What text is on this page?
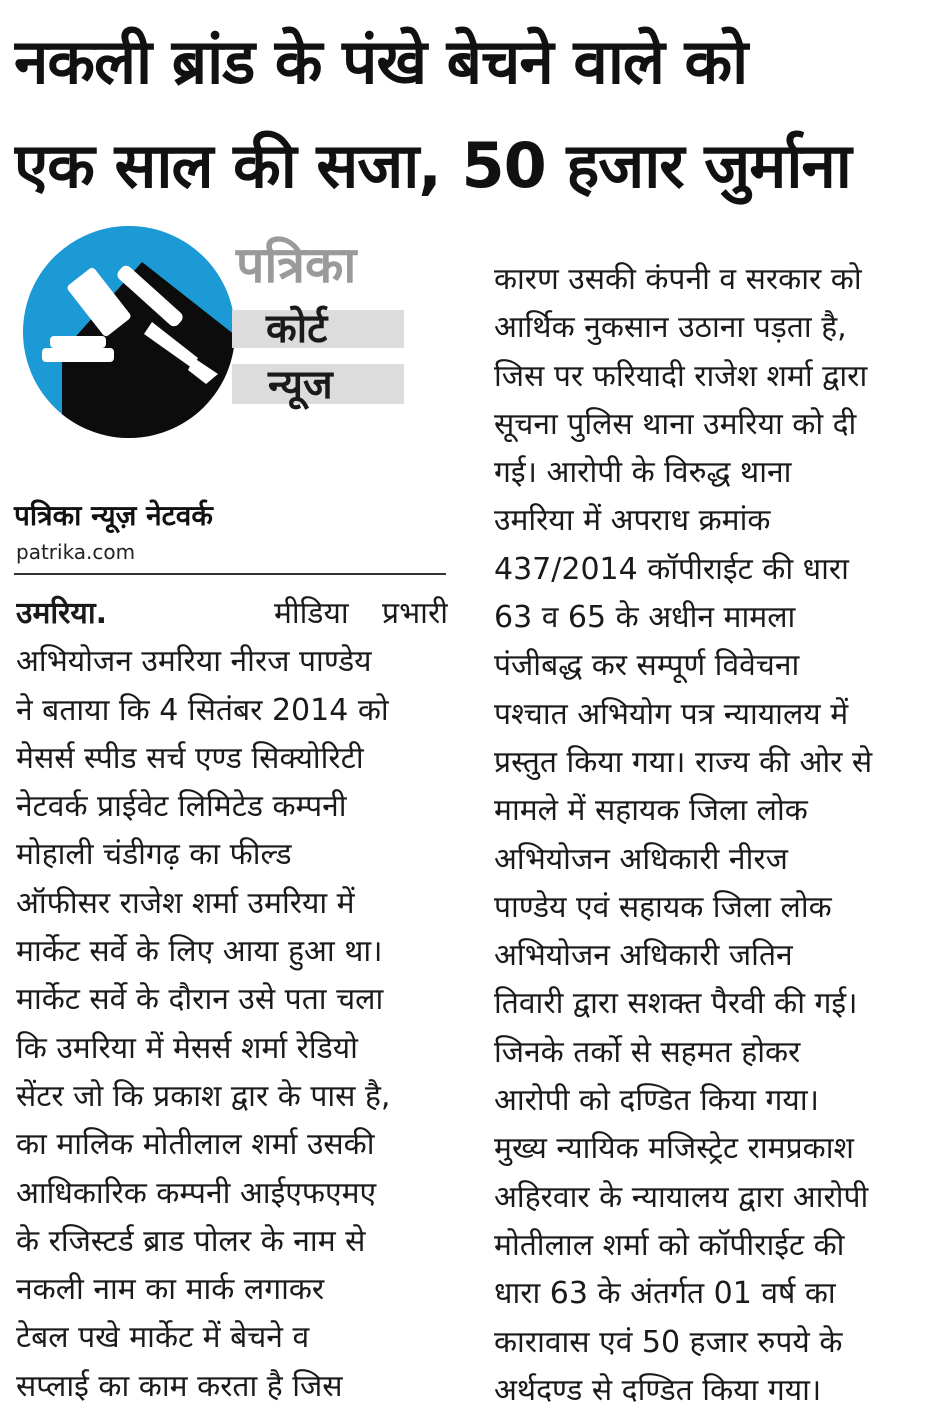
नकली ब्रांड के पंखे बेचने वाले को
एक साल की सजा, 50 हजार जुर्माना
पत्रिका
कोर्ट
न्यूज
पत्रिका न्यूज़ नेटवर्क
patrika.com
उमरिया.	मीडिया प्रभारी
अभियोजन उमरिया नीरज पाण्डेय
ने बताया कि 4 सितंबर 2014 को
मेसर्स स्पीड सर्च एण्ड सिक्योरिटी
नेटवर्क प्राईवेट लिमिटेड कम्पनी
मोहाली चंडीगढ़ का फील्ड
ऑफीसर राजेश शर्मा उमरिया में
मार्केट सर्वे के लिए आया हुआ था।
मार्केट सर्वे के दौरान उसे पता चला
कि उमरिया में मेसर्स शर्मा रेडियो
सेंटर जो कि प्रकाश द्वार के पास है,
का मालिक मोतीलाल शर्मा उसकी
आधिकारिक कम्पनी आईएफएमए
के रजिस्टर्ड ब्राड पोलर के नाम से
नकली नाम का मार्क लगाकर
टेबल पखे मार्केट में बेचने व
सप्लाई का काम करता है जिस
कारण उसकी कंपनी व सरकार को
आर्थिक नुकसान उठाना पड़ता है,
जिस पर फरियादी राजेश शर्मा द्वारा
सूचना पुलिस थाना उमरिया को दी
गई। आरोपी के विरुद्ध थाना
उमरिया में अपराध क्रमांक
437/2014 कॉपीराईट की धारा
63 व 65 के अधीन मामला
पंजीबद्ध कर सम्पूर्ण विवेचना
पश्चात अभियोग पत्र न्यायालय में
प्रस्तुत किया गया। राज्य की ओर से
मामले में सहायक जिला लोक
अभियोजन अधिकारी नीरज
पाण्डेय एवं सहायक जिला लोक
अभियोजन अधिकारी जतिन
तिवारी द्वारा सशक्त पैरवी की गई।
जिनके तर्को से सहमत होकर
आरोपी को दण्डित किया गया।
मुख्य न्यायिक मजिस्ट्रेट रामप्रकाश
अहिरवार के न्यायालय द्वारा आरोपी
मोतीलाल शर्मा को कॉपीराईट की
धारा 63 के अंतर्गत 01 वर्ष का
कारावास एवं 50 हजार रुपये के
अर्थदण्ड से दण्डित किया गया।
